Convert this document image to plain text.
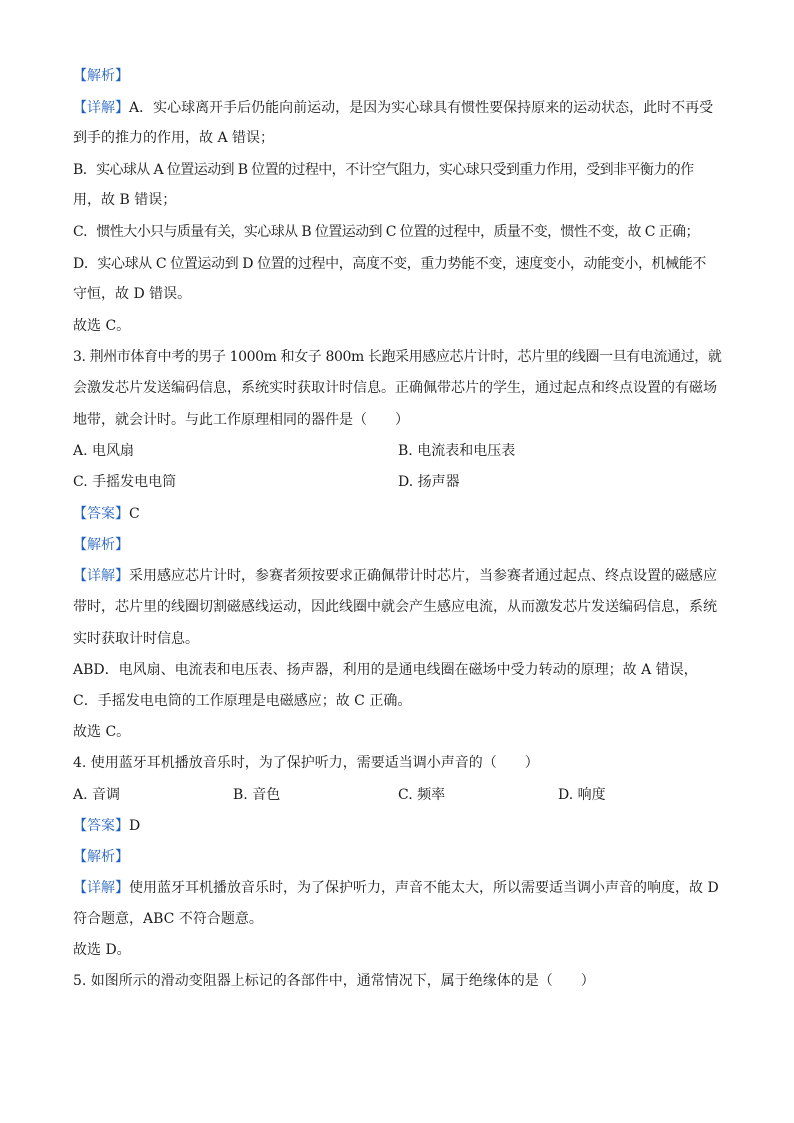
【解析】
【详解】A．实心球离开手后仍能向前运动，是因为实心球具有惯性要保持原来的运动状态，此时不再受
到手的推力的作用，故 A 错误；
B．实心球从 A 位置运动到 B 位置的过程中，不计空气阻力，实心球只受到重力作用，受到非平衡力的作
用，故 B 错误；
C．惯性大小只与质量有关，实心球从 B 位置运动到 C 位置的过程中，质量不变，惯性不变，故 C 正确；
D．实心球从 C 位置运动到 D 位置的过程中，高度不变，重力势能不变，速度变小，动能变小，机械能不
守恒，故 D 错误。
故选 C。
3. 荆州市体育中考的男子 1000m 和女子 800m 长跑采用感应芯片计时，芯片里的线圈一旦有电流通过，就
会激发芯片发送编码信息，系统实时获取计时信息。正确佩带芯片的学生，通过起点和终点设置的有磁场
地带，就会计时。与此工作原理相同的器件是（　　）
A. 电风扇	B. 电流表和电压表
C. 手摇发电电筒	D. 扬声器
【答案】C
【解析】
【详解】采用感应芯片计时，参赛者须按要求正确佩带计时芯片，当参赛者通过起点、终点设置的磁感应
带时，芯片里的线圈切割磁感线运动，因此线圈中就会产生感应电流，从而激发芯片发送编码信息，系统
实时获取计时信息。
ABD．电风扇、电流表和电压表、扬声器，利用的是通电线圈在磁场中受力转动的原理；故 A 错误，
C．手摇发电电筒的工作原理是电磁感应；故 C 正确。
故选 C。
4. 使用蓝牙耳机播放音乐时，为了保护听力，需要适当调小声音的（　　）
A. 音调	B. 音色	C. 频率	D. 响度
【答案】D
【解析】
【详解】使用蓝牙耳机播放音乐时，为了保护听力，声音不能太大，所以需要适当调小声音的响度，故 D
符合题意，ABC 不符合题意。
故选 D。
5. 如图所示的滑动变阻器上标记的各部件中，通常情况下，属于绝缘体的是（　　）
